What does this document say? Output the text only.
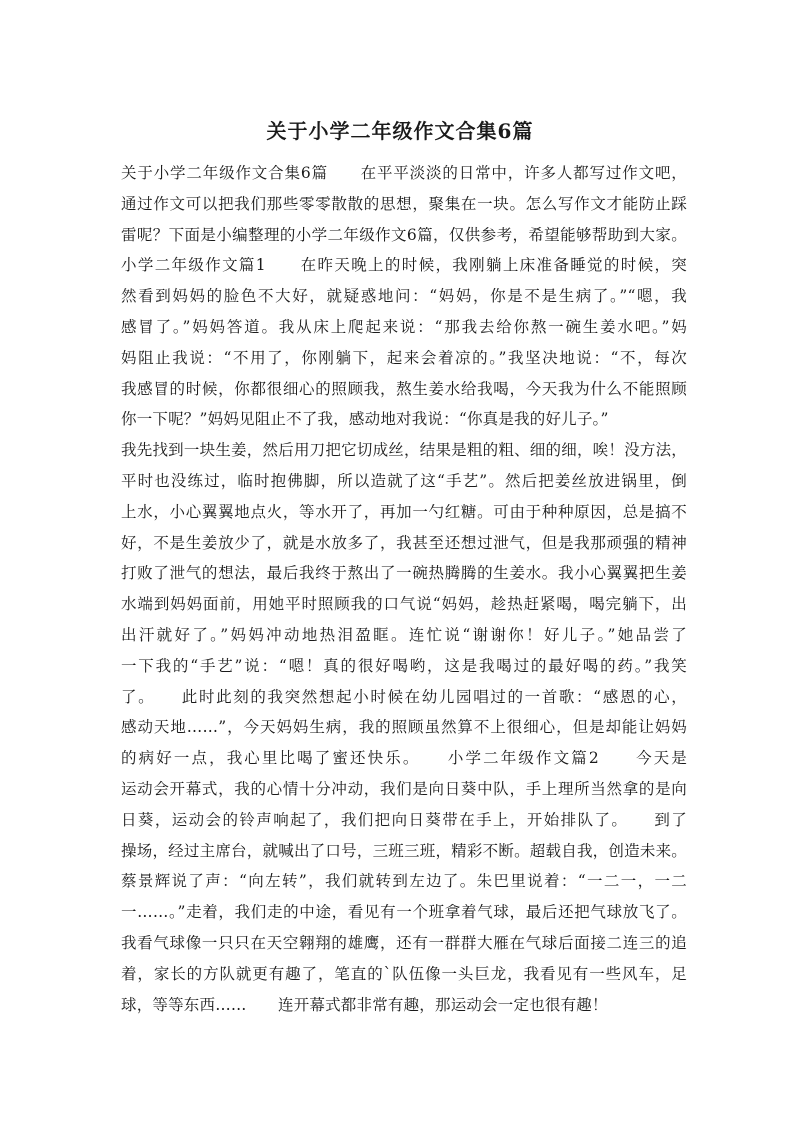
关于小学二年级作文合集6篇
关于小学二年级作文合集6篇　　在平平淡淡的日常中，许多人都写过作文吧，
通过作文可以把我们那些零零散散的思想，聚集在一块。怎么写作文才能防止踩
雷呢？下面是小编整理的小学二年级作文6篇，仅供参考，希望能够帮助到大家。
小学二年级作文篇1　　在昨天晚上的时候，我刚躺上床准备睡觉的时候，突
然看到妈妈的脸色不大好，就疑惑地问：“妈妈，你是不是生病了。”“嗯，我
感冒了。”妈妈答道。我从床上爬起来说：“那我去给你熬一碗生姜水吧。”妈
妈阻止我说：“不用了，你刚躺下，起来会着凉的。”我坚决地说：“不，每次
我感冒的时候，你都很细心的照顾我，熬生姜水给我喝，今天我为什么不能照顾
你一下呢？”妈妈见阻止不了我，感动地对我说：“你真是我的好儿子。”
我先找到一块生姜，然后用刀把它切成丝，结果是粗的粗、细的细，唉！没方法，
平时也没练过，临时抱佛脚，所以造就了这“手艺”。然后把姜丝放进锅里，倒
上水，小心翼翼地点火，等水开了，再加一勺红糖。可由于种种原因，总是搞不
好，不是生姜放少了，就是水放多了，我甚至还想过泄气，但是我那顽强的精神
打败了泄气的想法，最后我终于熬出了一碗热腾腾的生姜水。我小心翼翼把生姜
水端到妈妈面前，用她平时照顾我的口气说“妈妈，趁热赶紧喝，喝完躺下，出
出汗就好了。”妈妈冲动地热泪盈眶。连忙说“谢谢你！好儿子。”她品尝了
一下我的“手艺”说：“嗯！真的很好喝哟，这是我喝过的最好喝的药。”我笑
了。　　此时此刻的我突然想起小时候在幼儿园唱过的一首歌：“感恩的心，
感动天地……”，今天妈妈生病，我的照顾虽然算不上很细心，但是却能让妈妈
的病好一点，我心里比喝了蜜还快乐。　　小学二年级作文篇2　　今天是
运动会开幕式，我的心情十分冲动，我们是向日葵中队，手上理所当然拿的是向
日葵，运动会的铃声响起了，我们把向日葵带在手上，开始排队了。　　到了
操场，经过主席台，就喊出了口号，三班三班，精彩不断。超载自我，创造未来。
蔡景辉说了声：“向左转”，我们就转到左边了。朱巴里说着：“一二一，一二
一……。”走着，我们走的中途，看见有一个班拿着气球，最后还把气球放飞了。
我看气球像一只只在天空翱翔的雄鹰，还有一群群大雁在气球后面接二连三的追
着，家长的方队就更有趣了，笔直的`队伍像一头巨龙，我看见有一些风车，足
球，等等东西……　　连开幕式都非常有趣，那运动会一定也很有趣！
